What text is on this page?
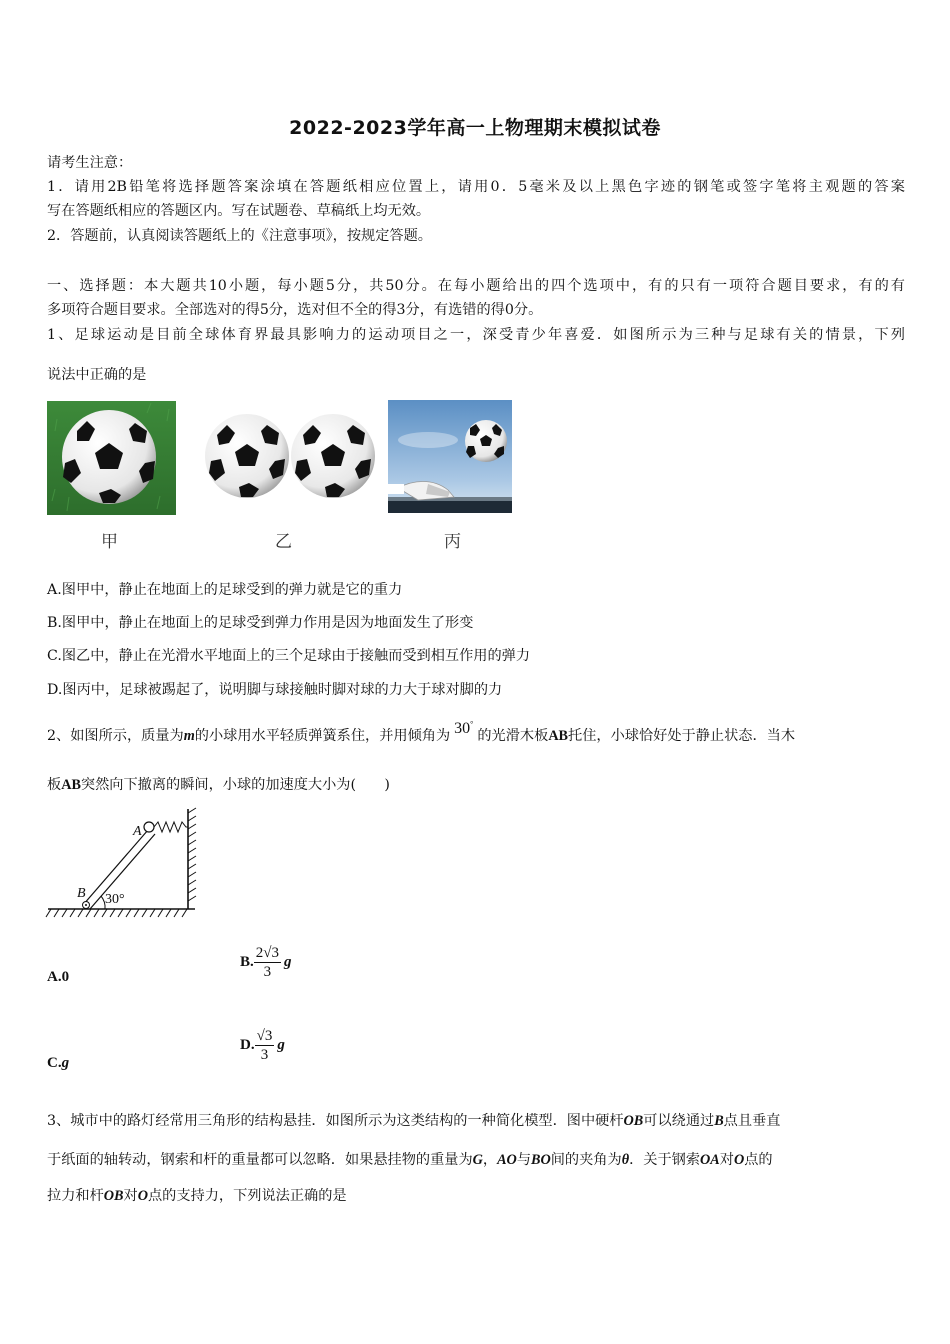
2022-2023学年高一上物理期末模拟试卷
请考生注意：
1．请用2B铅笔将选择题答案涂填在答题纸相应位置上，请用0．5毫米及以上黑色字迹的钢笔或签字笔将主观题的答案
写在答题纸相应的答题区内。写在试题卷、草稿纸上均无效。
2．答题前，认真阅读答题纸上的《注意事项》，按规定答题。
一、选择题：本大题共10小题，每小题5分，共50分。在每小题给出的四个选项中，有的只有一项符合题目要求，有的有
多项符合题目要求。全部选对的得5分，选对但不全的得3分，有选错的得0分。
1、足球运动是目前全球体育界最具影响力的运动项目之一，深受青少年喜爱．如图所示为三种与足球有关的情景，下列
说法中正确的是
甲	乙	丙
A.图甲中，静止在地面上的足球受到的弹力就是它的重力
B.图甲中，静止在地面上的足球受到弹力作用是因为地面发生了形变
C.图乙中，静止在光滑水平地面上的三个足球由于接触而受到相互作用的弹力
D.图丙中，足球被踢起了，说明脚与球接触时脚对球的力大于球对脚的力
2、如图所示，质量为m的小球用水平轻质弹簧系住，并用倾角为 30°的光滑木板AB托住，小球恰好处于静止状态．当木
板AB突然向下撤离的瞬间，小球的加速度大小为(　　)
A
B 30°
A.0
B. $\frac{2√3}{3}$ g
C.g
D. $\frac{√3}{3}$ g
3、城市中的路灯经常用三角形的结构悬挂．如图所示为这类结构的一种简化模型．图中硬杆OB可以绕通过B点且垂直
于纸面的轴转动，钢索和杆的重量都可以忽略．如果悬挂物的重量为G，AO与BO间的夹角为θ．关于钢索OA对O点的
拉力和杆OB对O点的支持力，下列说法正确的是
